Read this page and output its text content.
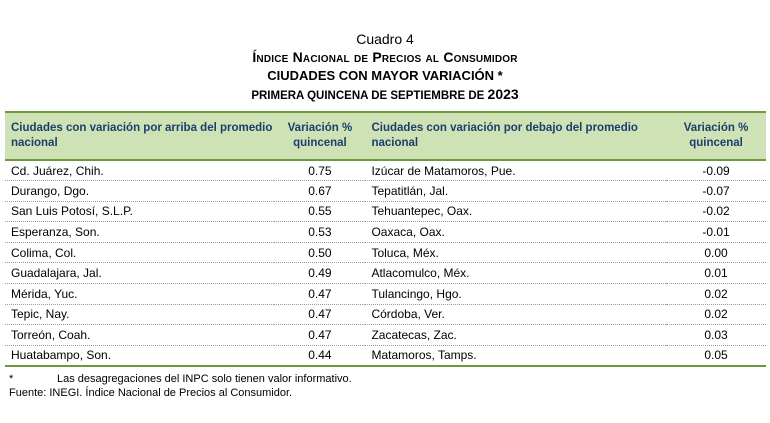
Cuadro 4
Índice Nacional de Precios al Consumidor
CIUDADES CON MAYOR VARIACIÓN *
PRIMERA QUINCENA DE SEPTIEMBRE DE 2023
Ciudades con variación por arriba del promedio nacional	Variación % quincenal	Ciudades con variación por debajo del promedio nacional	Variación % quincenal
Cd. Juárez, Chih.	0.75	Izúcar de Matamoros, Pue.	-0.09
Durango, Dgo.	0.67	Tepatitlán, Jal.	-0.07
San Luis Potosí, S.L.P.	0.55	Tehuantepec, Oax.	-0.02
Esperanza, Son.	0.53	Oaxaca, Oax.	-0.01
Colima, Col.	0.50	Toluca, Méx.	0.00
Guadalajara, Jal.	0.49	Atlacomulco, Méx.	0.01
Mérida, Yuc.	0.47	Tulancingo, Hgo.	0.02
Tepic, Nay.	0.47	Córdoba, Ver.	0.02
Torreón, Coah.	0.47	Zacatecas, Zac.	0.03
Huatabampo, Son.	0.44	Matamoros, Tamps.	0.05
*	Las desagregaciones del INPC solo tienen valor informativo.
Fuente: INEGI. Índice Nacional de Precios al Consumidor.
